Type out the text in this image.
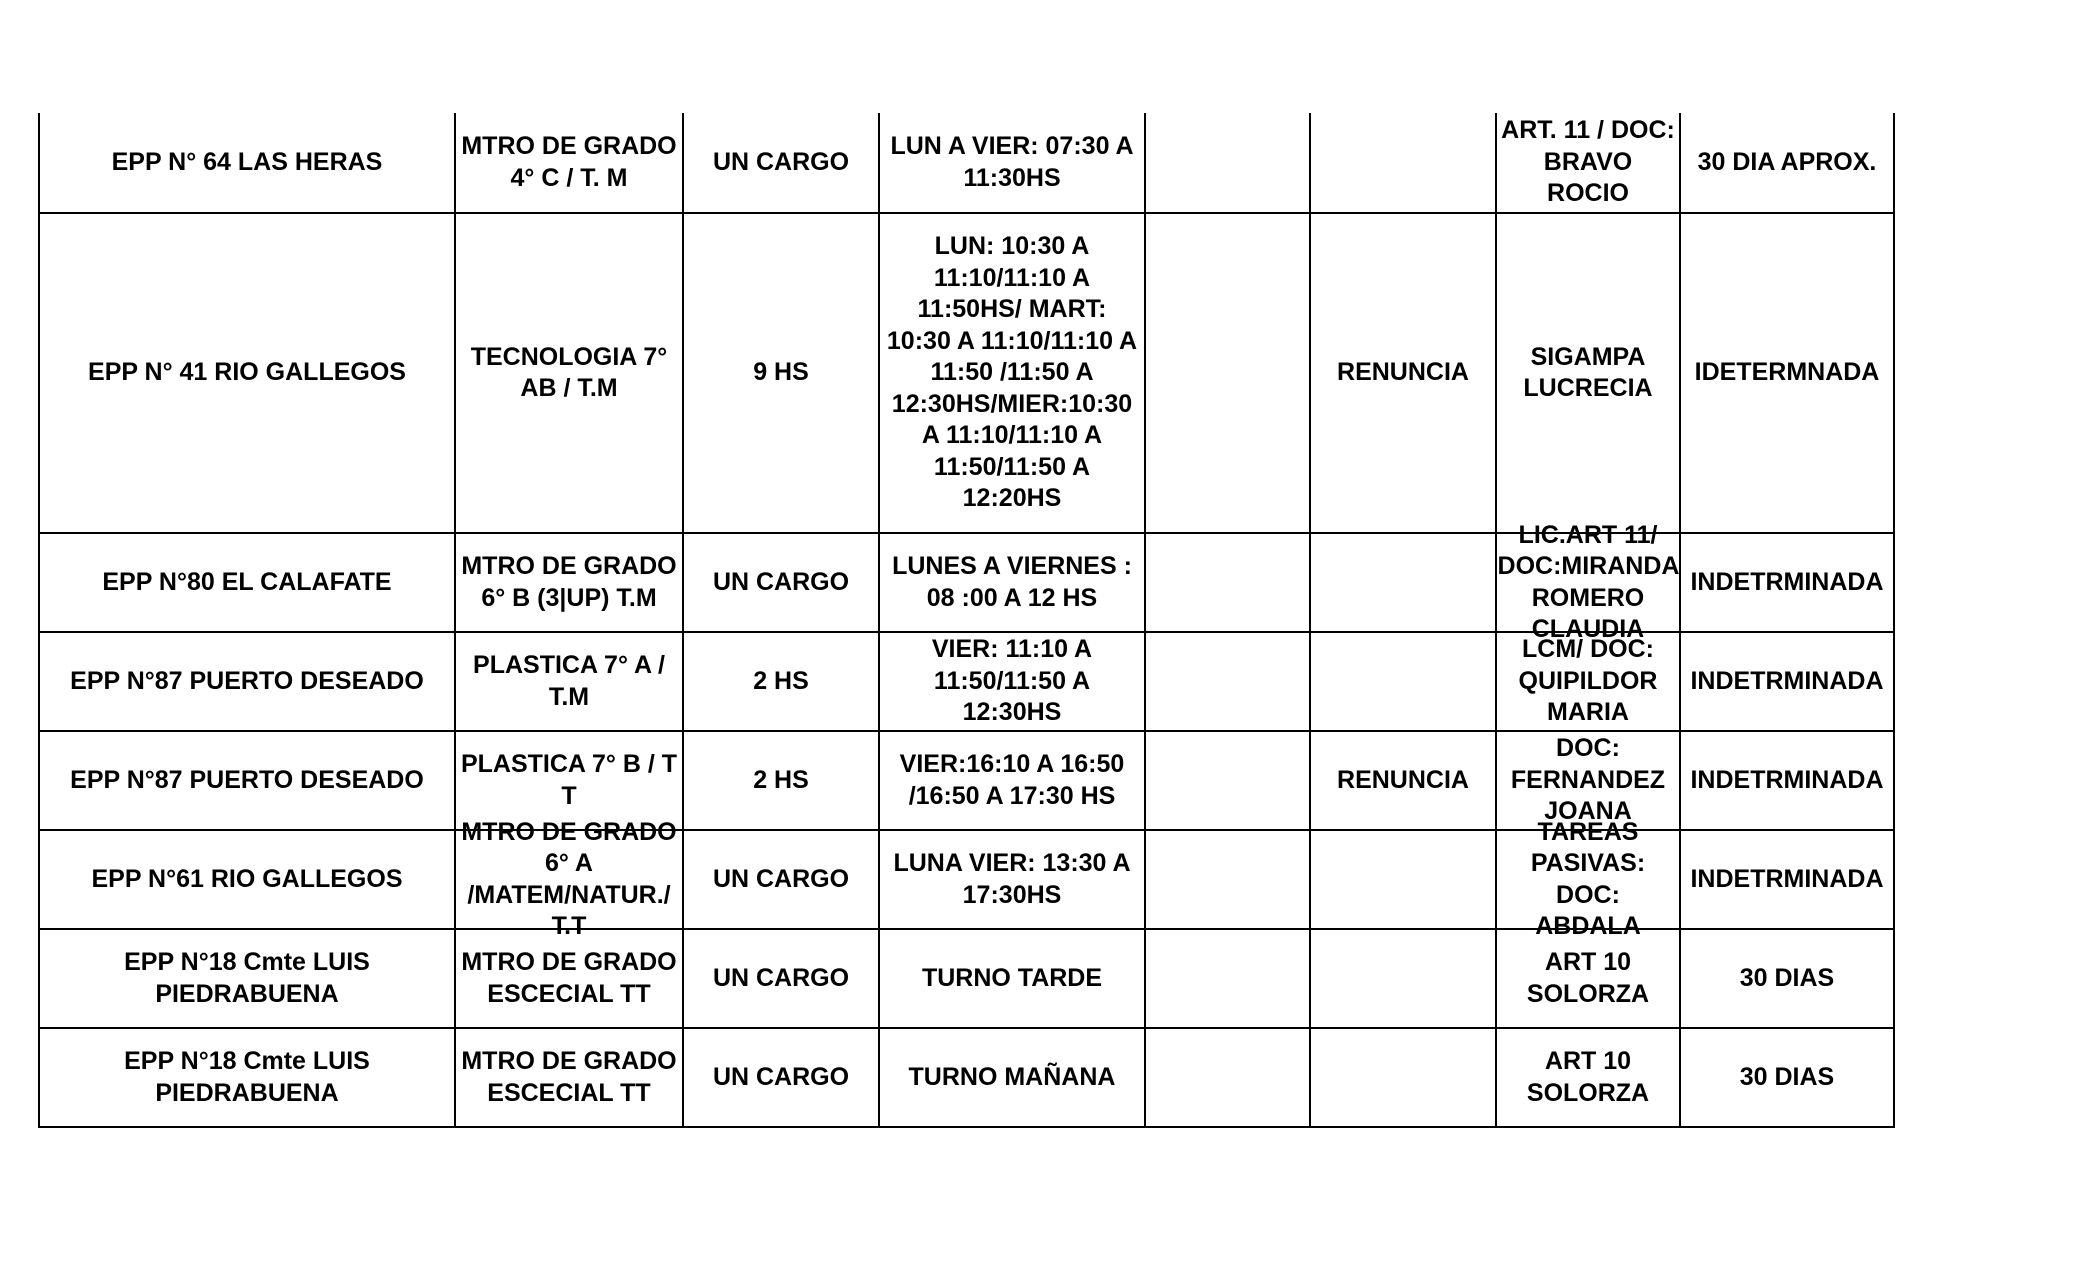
EPP N° 64 LAS HERAS	MTRO DE GRADO 4° C / T. M	UN CARGO	LUN A VIER: 07:30 A 11:30HS			ART. 11 / DOC: BRAVO ROCIO	30 DIA APROX.
EPP N° 41 RIO GALLEGOS	TECNOLOGIA 7° AB / T.M	9 HS	LUN: 10:30 A 11:10/11:10 A 11:50HS/ MART: 10:30 A 11:10/11:10 A 11:50 /11:50 A 12:30HS/MIER:10:30 A 11:10/11:10 A 11:50/11:50 A 12:20HS		RENUNCIA	SIGAMPA LUCRECIA	IDETERMNADA
EPP N°80 EL CALAFATE	MTRO DE GRADO 6° B (3|UP) T.M	UN CARGO	LUNES A VIERNES : 08 :00 A 12 HS			LIC.ART 11/ DOC:MIRANDA ROMERO CLAUDIA	INDETRMINADA
EPP N°87 PUERTO DESEADO	PLASTICA 7° A / T.M	2 HS	VIER: 11:10 A 11:50/11:50 A 12:30HS			LCM/ DOC: QUIPILDOR MARIA	INDETRMINADA
EPP N°87 PUERTO DESEADO	PLASTICA 7° B / T T	2 HS	VIER:16:10 A 16:50 /16:50 A 17:30 HS		RENUNCIA	DOC: FERNANDEZ JOANA	INDETRMINADA
EPP N°61 RIO GALLEGOS	MTRO DE GRADO 6° A /MATEM/NATUR./ T.T	UN CARGO	LUNA VIER: 13:30 A 17:30HS			TAREAS PASIVAS: DOC: ABDALA	INDETRMINADA
EPP N°18 Cmte LUIS PIEDRABUENA	MTRO DE GRADO ESCECIAL TT	UN CARGO	TURNO TARDE			ART 10 SOLORZA	30 DIAS
EPP N°18 Cmte LUIS PIEDRABUENA	MTRO DE GRADO ESCECIAL TT	UN CARGO	TURNO MAÑANA			ART 10 SOLORZA	30 DIAS
